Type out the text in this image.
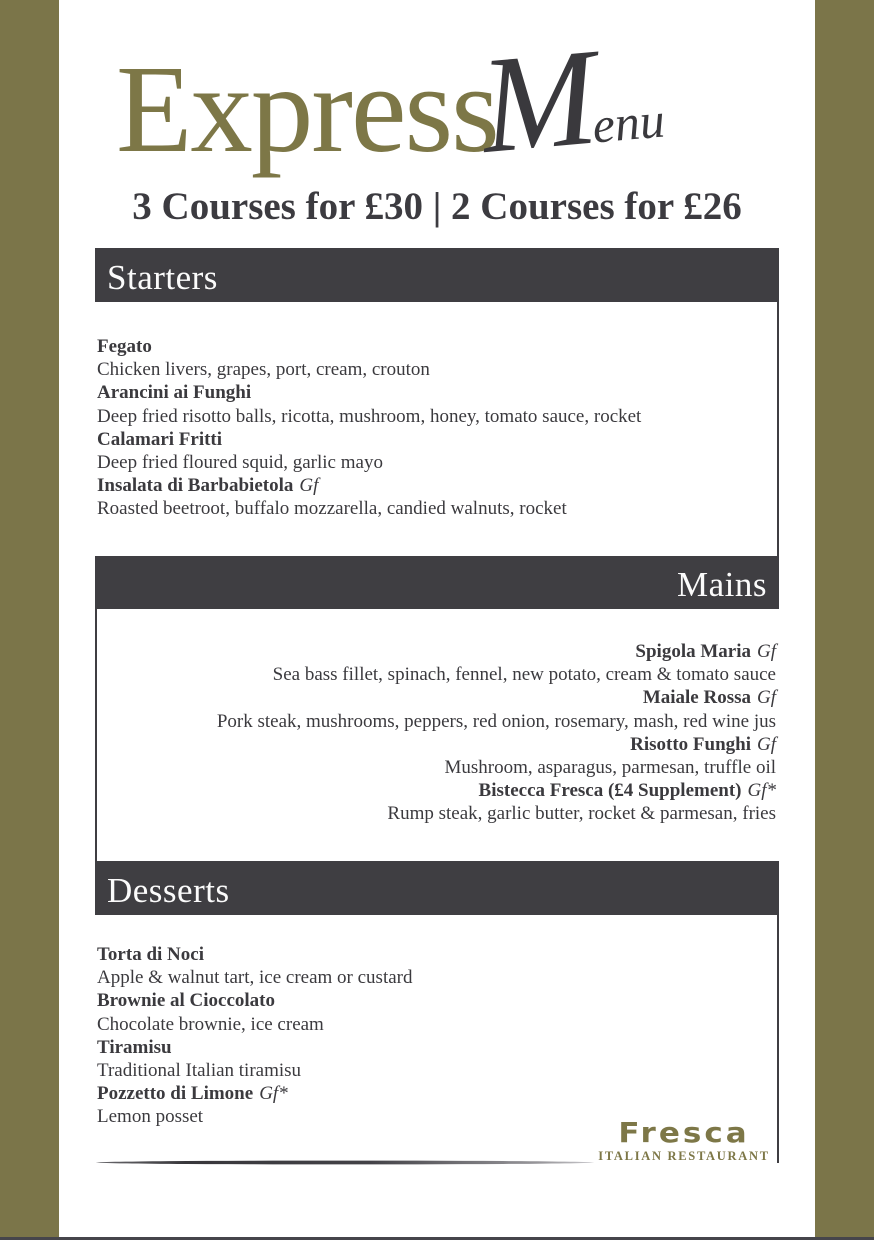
Express
Menu
3 Courses for £30 | 2 Courses for £26
Starters
Fegato
Chicken livers, grapes, port, cream, crouton
Arancini ai Funghi
Deep fried risotto balls, ricotta, mushroom, honey, tomato sauce, rocket
Calamari Fritti
Deep fried floured squid, garlic mayo
Insalata di Barbabietola Gf
Roasted beetroot, buffalo mozzarella, candied walnuts, rocket
Mains
Spigola Maria Gf
Sea bass fillet, spinach, fennel, new potato, cream & tomato sauce
Maiale Rossa Gf
Pork steak, mushrooms, peppers, red onion, rosemary, mash, red wine jus
Risotto Funghi Gf
Mushroom, asparagus, parmesan, truffle oil
Bistecca Fresca (£4 Supplement) Gf*
Rump steak, garlic butter, rocket & parmesan, fries
Desserts
Torta di Noci
Apple & walnut tart, ice cream or custard
Brownie al Cioccolato
Chocolate brownie, ice cream
Tiramisu
Traditional Italian tiramisu
Pozzetto di Limone Gf*
Lemon posset
Fresca
ITALIAN RESTAURANT
